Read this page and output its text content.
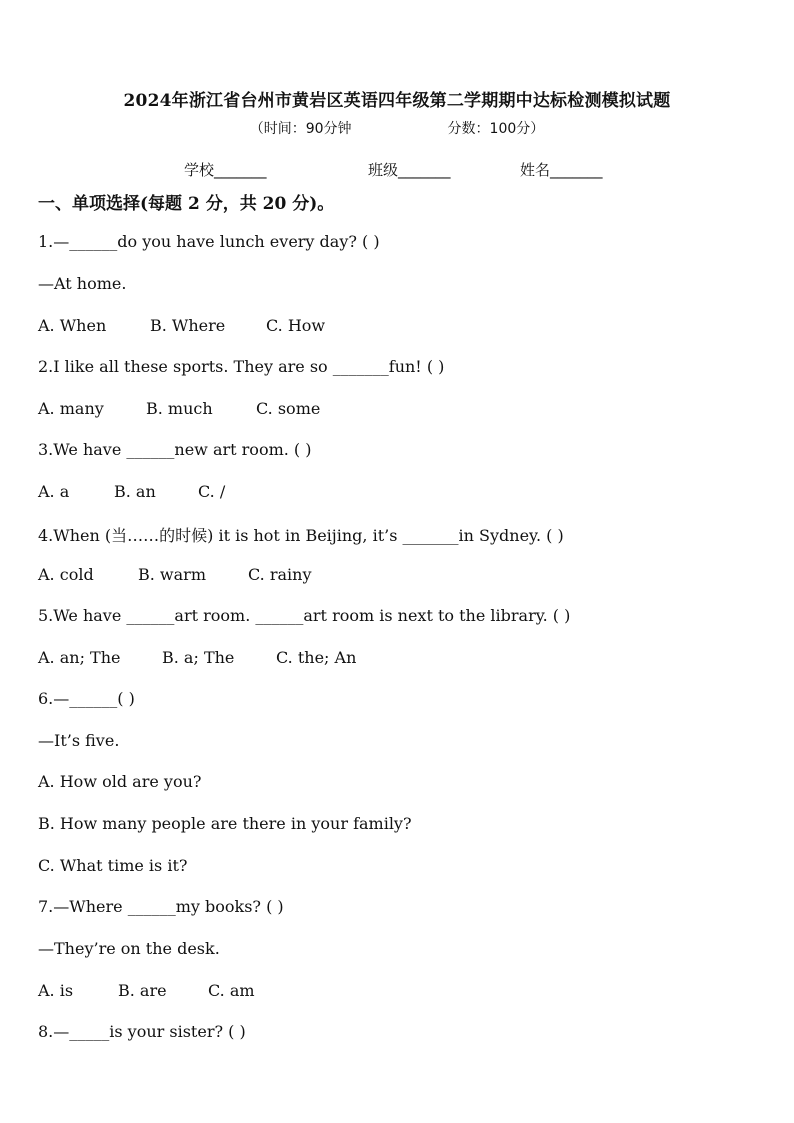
2024年浙江省台州市黄岩区英语四年级第二学期期中达标检测模拟试题
（时间：90分钟	分数：100分）
学校_______	班级_______	姓名_______
一、单项选择(每题 2 分，共 20 分)。
1.—______do you have lunch every day? ( )
—At home.
A. When	B. Where	C. How
2.I like all these sports. They are so _______fun! ( )
A. many	B. much	C. some
3.We have ______new art room. ( )
A. a	B. an	C. /
4.When (当……的时候) it is hot in Beijing, it’s _______in Sydney. ( )
A. cold	B. warm	C. rainy
5.We have ______art room. ______art room is next to the library. ( )
A. an; The	B. a; The	C. the; An
6.—______( )
—It’s five.
A. How old are you?
B. How many people are there in your family?
C. What time is it?
7.—Where ______my books? ( )
—They’re on the desk.
A. is	B. are	C. am
8.—_____is your sister? ( )
